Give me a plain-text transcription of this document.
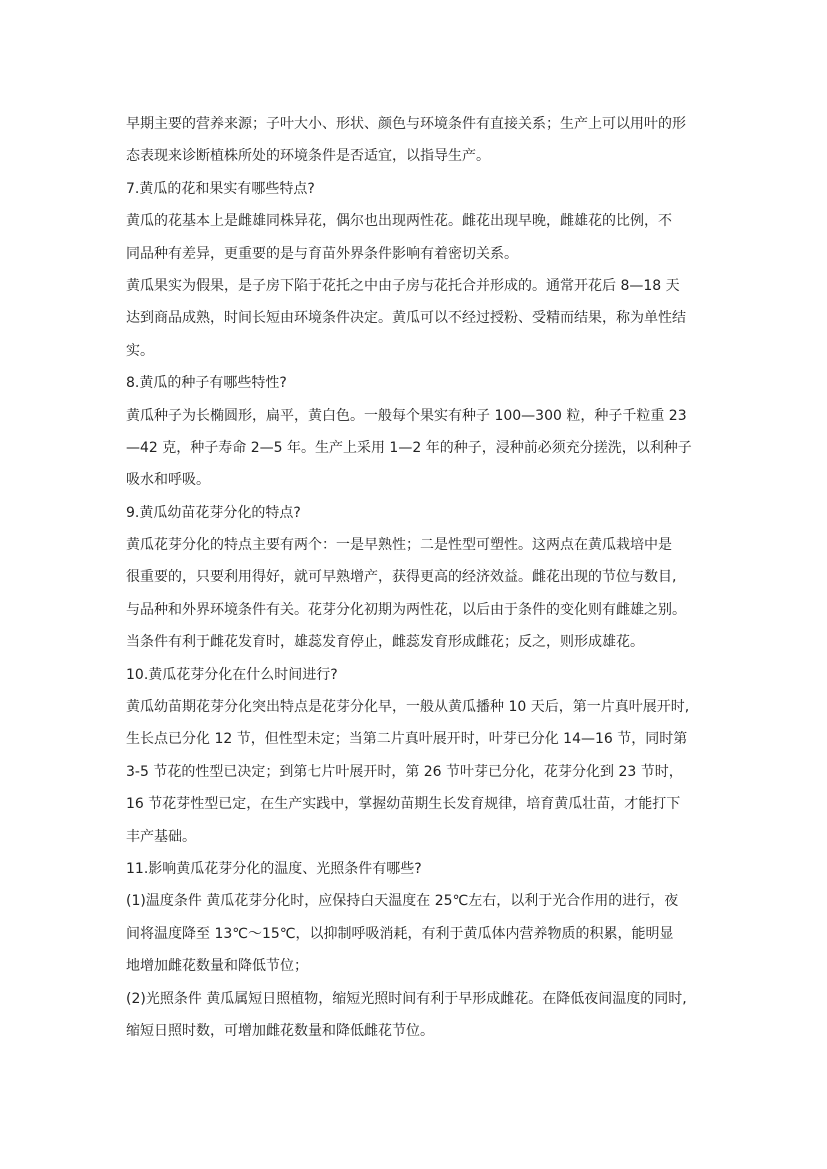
早期主要的营养来源；子叶大小、形状、颜色与环境条件有直接关系；生产上可以用叶的形
态表现来诊断植株所处的环境条件是否适宜，以指导生产。
7.黄瓜的花和果实有哪些特点?
黄瓜的花基本上是雌雄同株异花，偶尔也出现两性花。雌花出现早晚，雌雄花的比例，不
同品种有差异，更重要的是与育苗外界条件影响有着密切关系。
黄瓜果实为假果，是子房下陷于花托之中由子房与花托合并形成的。通常开花后 8—18 天
达到商品成熟，时间长短由环境条件决定。黄瓜可以不经过授粉、受精而结果，称为单性结
实。
8.黄瓜的种子有哪些特性?
黄瓜种子为长椭圆形，扁平，黄白色。一般每个果实有种子 100—300 粒，种子千粒重 23
—42 克，种子寿命 2—5 年。生产上采用 1—2 年的种子，浸种前必须充分搓洗，以利种子
吸水和呼吸。
9.黄瓜幼苗花芽分化的特点?
黄瓜花芽分化的特点主要有两个：一是早熟性；二是性型可塑性。这两点在黄瓜栽培中是
很重要的，只要利用得好，就可早熟增产，获得更高的经济效益。雌花出现的节位与数目,
与品种和外界环境条件有关。花芽分化初期为两性花，以后由于条件的变化则有雌雄之别。
当条件有利于雌花发育时，雄蕊发育停止，雌蕊发育形成雌花；反之，则形成雄花。
10.黄瓜花芽分化在什么时间进行?
黄瓜幼苗期花芽分化突出特点是花芽分化早，一般从黄瓜播种 10 天后，第一片真叶展开时,
生长点已分化 12 节，但性型未定；当第二片真叶展开时，叶芽已分化 14—16 节，同时第
3-5 节花的性型已决定；到第七片叶展开时，第 26 节叶芽已分化，花芽分化到 23 节时，
16 节花芽性型已定，在生产实践中，掌握幼苗期生长发育规律，培育黄瓜壮苗，才能打下
丰产基础。
11.影响黄瓜花芽分化的温度、光照条件有哪些?
(1)温度条件 黄瓜花芽分化时，应保持白天温度在 25℃左右，以利于光合作用的进行，夜
间将温度降至 13℃～15℃，以抑制呼吸消耗，有利于黄瓜体内营养物质的积累，能明显
地增加雌花数量和降低节位；
(2)光照条件 黄瓜属短日照植物，缩短光照时间有利于早形成雌花。在降低夜间温度的同时,
缩短日照时数，可增加雌花数量和降低雌花节位。
